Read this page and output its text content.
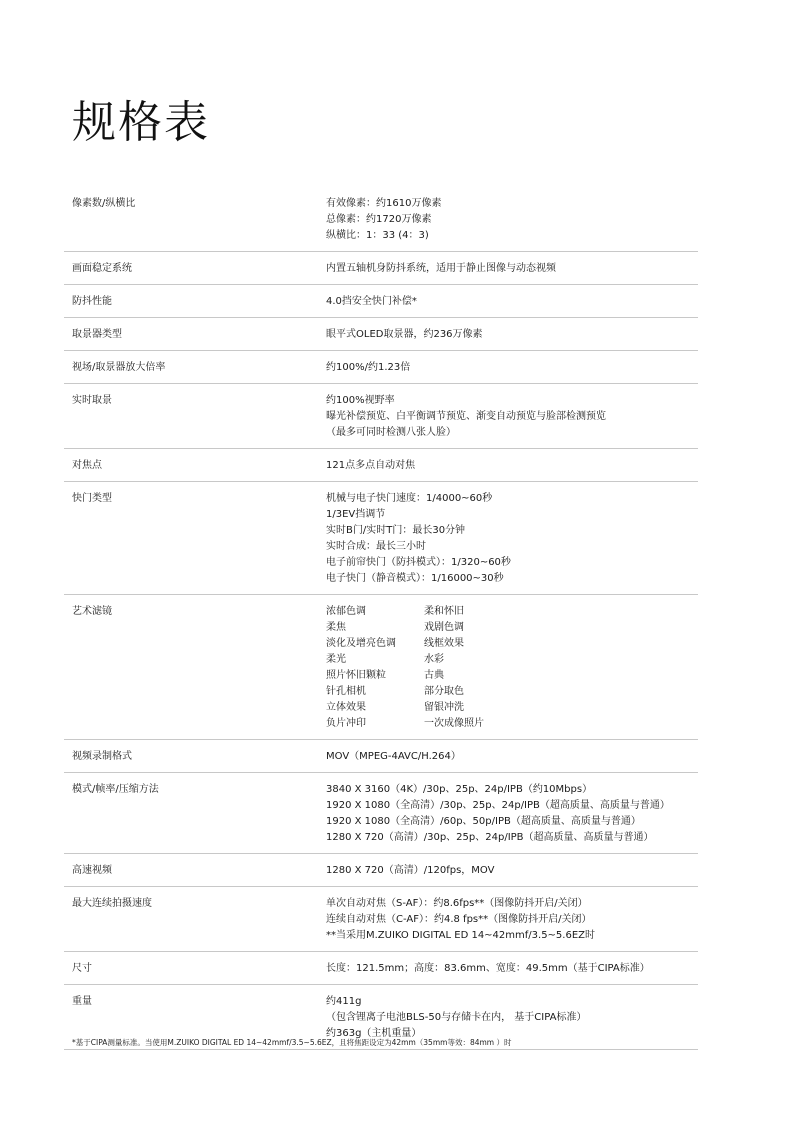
规格表
像素数/纵横比	有效像素：约1610万像素
总像素：约1720万像素
纵横比：1：33 (4：3)
画面稳定系统	内置五轴机身防抖系统，适用于静止图像与动态视频
防抖性能	4.0挡安全快门补偿*
取景器类型	眼平式OLED取景器，约236万像素
视场/取景器放大倍率	约100%/约1.23倍
实时取景	约100%视野率
曝光补偿预览、白平衡调节预览、渐变自动预览与脸部检测预览
（最多可同时检测八张人脸）
对焦点	121点多点自动对焦
快门类型	机械与电子快门速度：1/4000~60秒
1/3EV挡调节
实时B门/实时T门：最长30分钟
实时合成：最长三小时
电子前帘快门（防抖模式）：1/320~60秒
电子快门（静音模式）：1/16000~30秒
艺术滤镜	浓郁色调	柔和怀旧
柔焦	戏剧色调
淡化及增亮色调	线框效果
柔光	水彩
照片怀旧颗粒	古典
针孔相机	部分取色
立体效果	留银冲洗
负片冲印	一次成像照片
视频录制格式	MOV（MPEG-4AVC/H.264）
模式/帧率/压缩方法	3840 X 3160（4K）/30p、25p、24p/IPB（约10Mbps）
1920 X 1080（全高清）/30p、25p、24p/IPB（超高质量、高质量与普通）
1920 X 1080（全高清）/60p、50p/IPB（超高质量、高质量与普通）
1280 X 720（高清）/30p、25p、24p/IPB（超高质量、高质量与普通）
高速视频	1280 X 720（高清）/120fps，MOV
最大连续拍摄速度	单次自动对焦（S-AF）：约8.6fps**（图像防抖开启/关闭）
连续自动对焦（C-AF）：约4.8 fps**（图像防抖开启/关闭）
**当采用M.ZUIKO DIGITAL ED 14~42mmf/3.5~5.6EZ时
尺寸	长度：121.5mm；高度：83.6mm、宽度：49.5mm（基于CIPA标准）
重量	约411g
（包含锂离子电池BLS-50与存储卡在内， 基于CIPA标准）
约363g（主机重量）
*基于CIPA测量标准。当使用M.ZUIKO DIGITAL ED 14~42mmf/3.5~5.6EZ，且将焦距设定为42mm（35mm等效：84mm ）时
